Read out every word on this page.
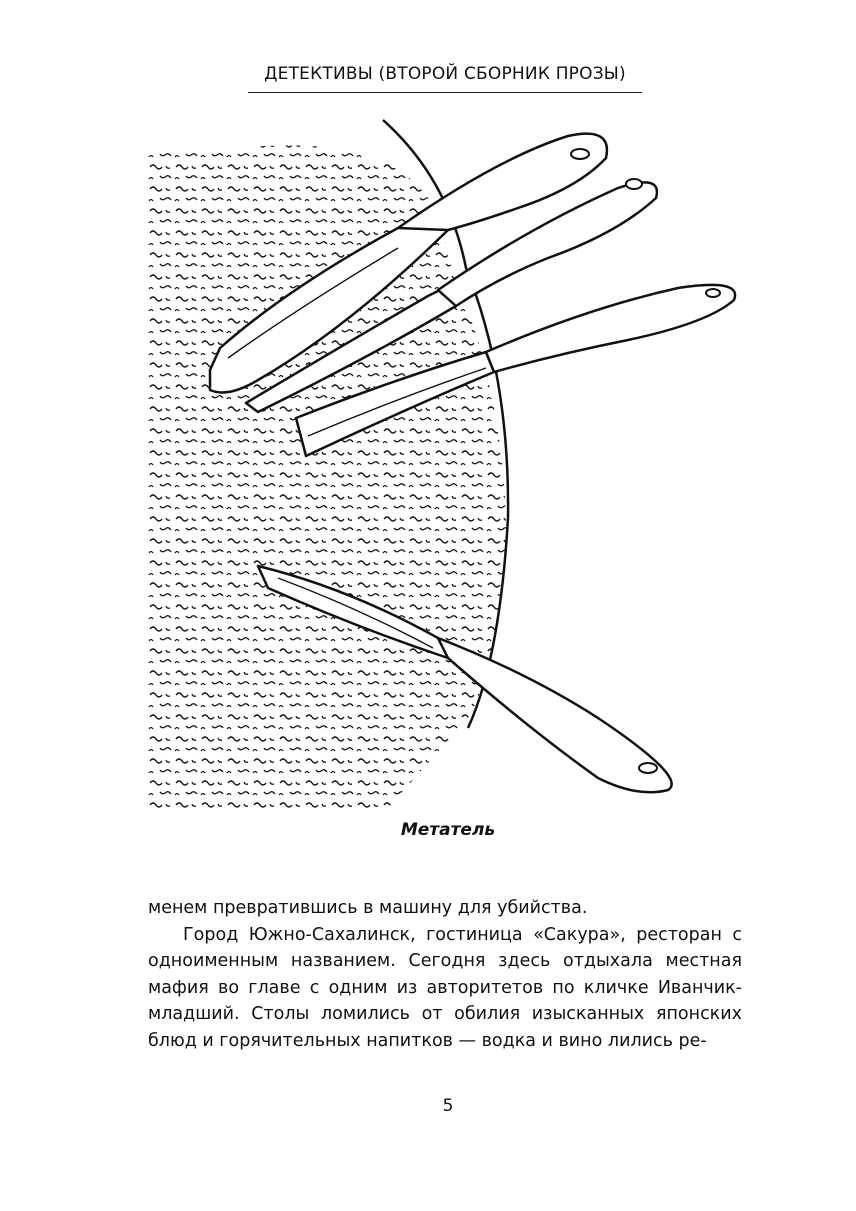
ДЕТЕКТИВЫ (ВТОРОЙ СБОРНИК ПРОЗЫ)
Метатель

менем превратившись в машину для убийства.

Город Южно-Сахалинск, гостиница «Сакура», ресторан с одноименным названием. Сегодня здесь отдыхала местная мафия во главе с одним из авторитетов по кличке Иванчик-младший. Столы ломились от обилия изысканных японских блюд и горячительных напитков — водка и вино лились ре-

5
